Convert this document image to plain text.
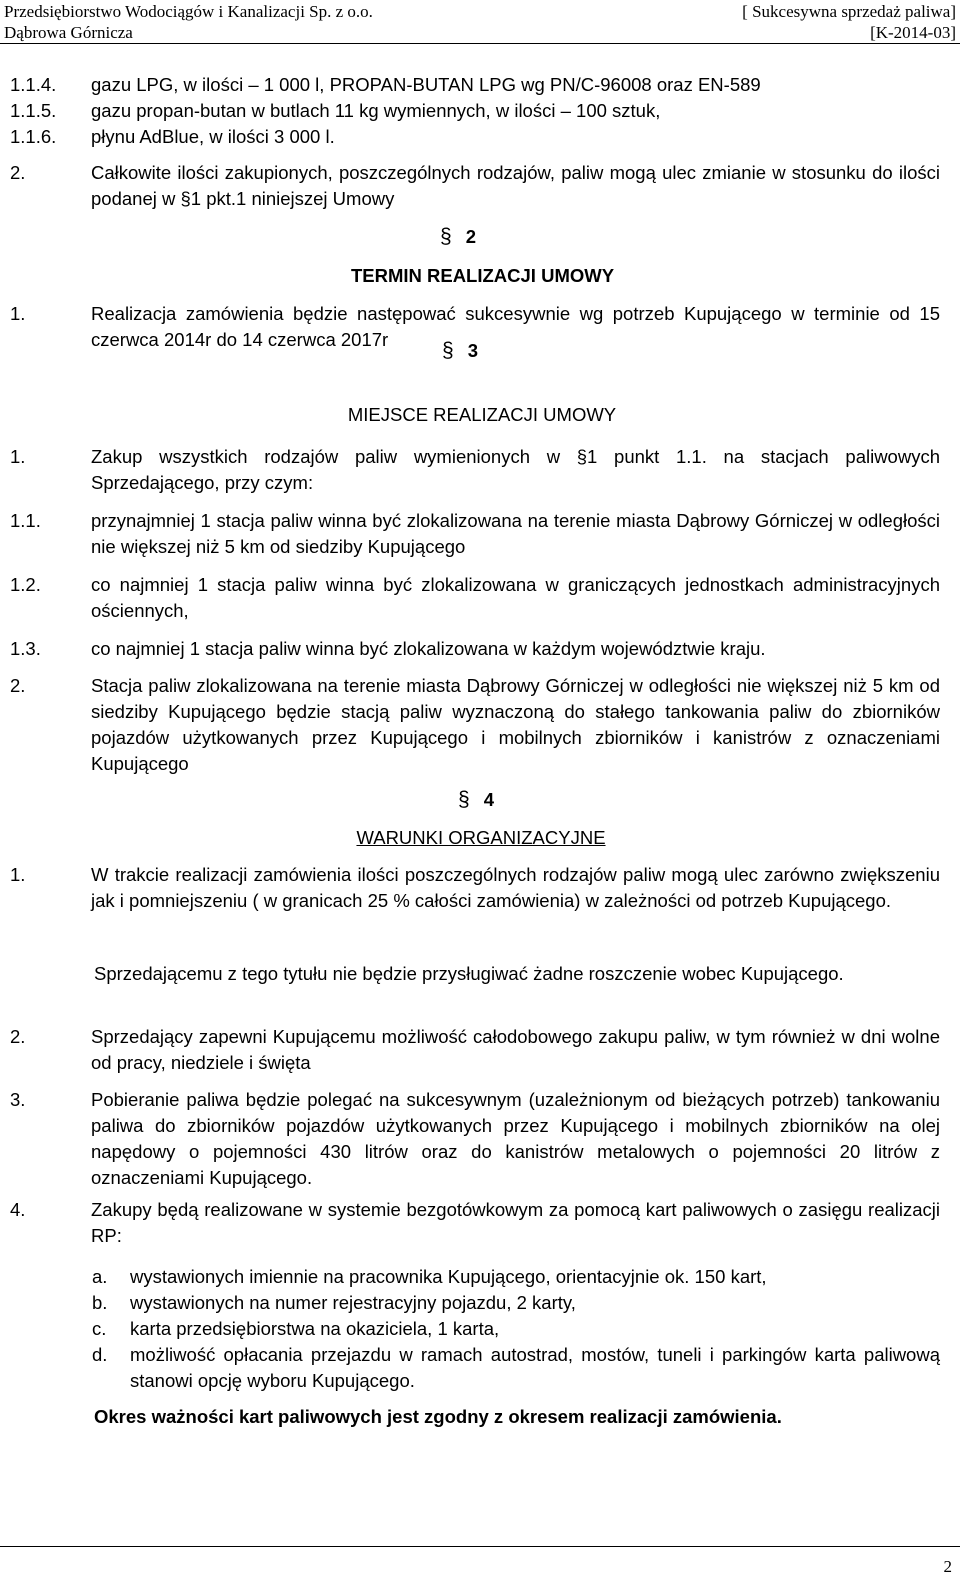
Przedsiębiorstwo Wodociągów i Kanalizacji Sp. z o.o.
Dąbrowa Górnicza
[ Sukcesywna sprzedaż paliwa]
[K-2014-03]
1.1.4. gazu LPG, w ilości – 1 000 l, PROPAN-BUTAN LPG wg PN/C-96008 oraz EN-589
1.1.5. gazu propan-butan w butlach 11 kg wymiennych, w ilości – 100 sztuk,
1.1.6. płynu AdBlue, w ilości 3 000 l.
2.	Całkowite ilości zakupionych, poszczególnych rodzajów, paliw mogą ulec zmianie w stosunku do ilości podanej w §1 pkt.1 niniejszej Umowy
§ 2
TERMIN REALIZACJI UMOWY
1.	Realizacja zamówienia będzie następować sukcesywnie wg potrzeb Kupującego w terminie od 15 czerwca 2014r do 14 czerwca 2017r	§ 3
MIEJSCE REALIZACJI UMOWY
1.	Zakup wszystkich rodzajów paliw wymienionych w §1 punkt 1.1. na stacjach paliwowych Sprzedającego, przy czym:
1.1.	przynajmniej 1 stacja paliw winna być zlokalizowana na terenie miasta Dąbrowy Górniczej w odległości nie większej niż 5 km od siedziby Kupującego
1.2.	co najmniej 1 stacja paliw winna być zlokalizowana w graniczących jednostkach administracyjnych ościennych,
1.3.	co najmniej 1 stacja paliw winna być zlokalizowana w każdym województwie kraju.
2.	Stacja paliw zlokalizowana na terenie miasta Dąbrowy Górniczej w odległości nie większej niż 5 km od siedziby Kupującego będzie stacją paliw wyznaczoną do stałego tankowania paliw do zbiorników pojazdów użytkowanych przez Kupującego i mobilnych zbiorników i kanistrów z oznaczeniami Kupującego
§ 4
WARUNKI ORGANIZACYJNE
1.	W trakcie realizacji zamówienia ilości poszczególnych rodzajów paliw mogą ulec zarówno zwiększeniu jak i pomniejszeniu ( w granicach 25 % całości zamówienia) w zależności od potrzeb Kupującego.
Sprzedającemu z tego tytułu nie będzie przysługiwać żadne roszczenie wobec Kupującego.
2.	Sprzedający zapewni Kupującemu możliwość całodobowego zakupu paliw, w tym również w dni wolne od pracy, niedziele i święta
3.	Pobieranie paliwa będzie polegać na sukcesywnym (uzależnionym od bieżących potrzeb) tankowaniu paliwa do zbiorników pojazdów użytkowanych przez Kupującego i mobilnych zbiorników na olej napędowy o pojemności 430 litrów oraz do kanistrów metalowych o pojemności 20 litrów z oznaczeniami Kupującego.
4.	Zakupy będą realizowane w systemie bezgotówkowym za pomocą kart paliwowych o zasięgu realizacji RP:
a. wystawionych imiennie na pracownika Kupującego, orientacyjnie ok. 150 kart,
b. wystawionych na numer rejestracyjny pojazdu, 2 karty,
c. karta przedsiębiorstwa na okaziciela, 1 karta,
d. możliwość opłacania przejazdu w ramach autostrad, mostów, tuneli i parkingów karta paliwową stanowi opcję wyboru Kupującego.
Okres ważności kart paliwowych jest zgodny z okresem realizacji zamówienia.
2
